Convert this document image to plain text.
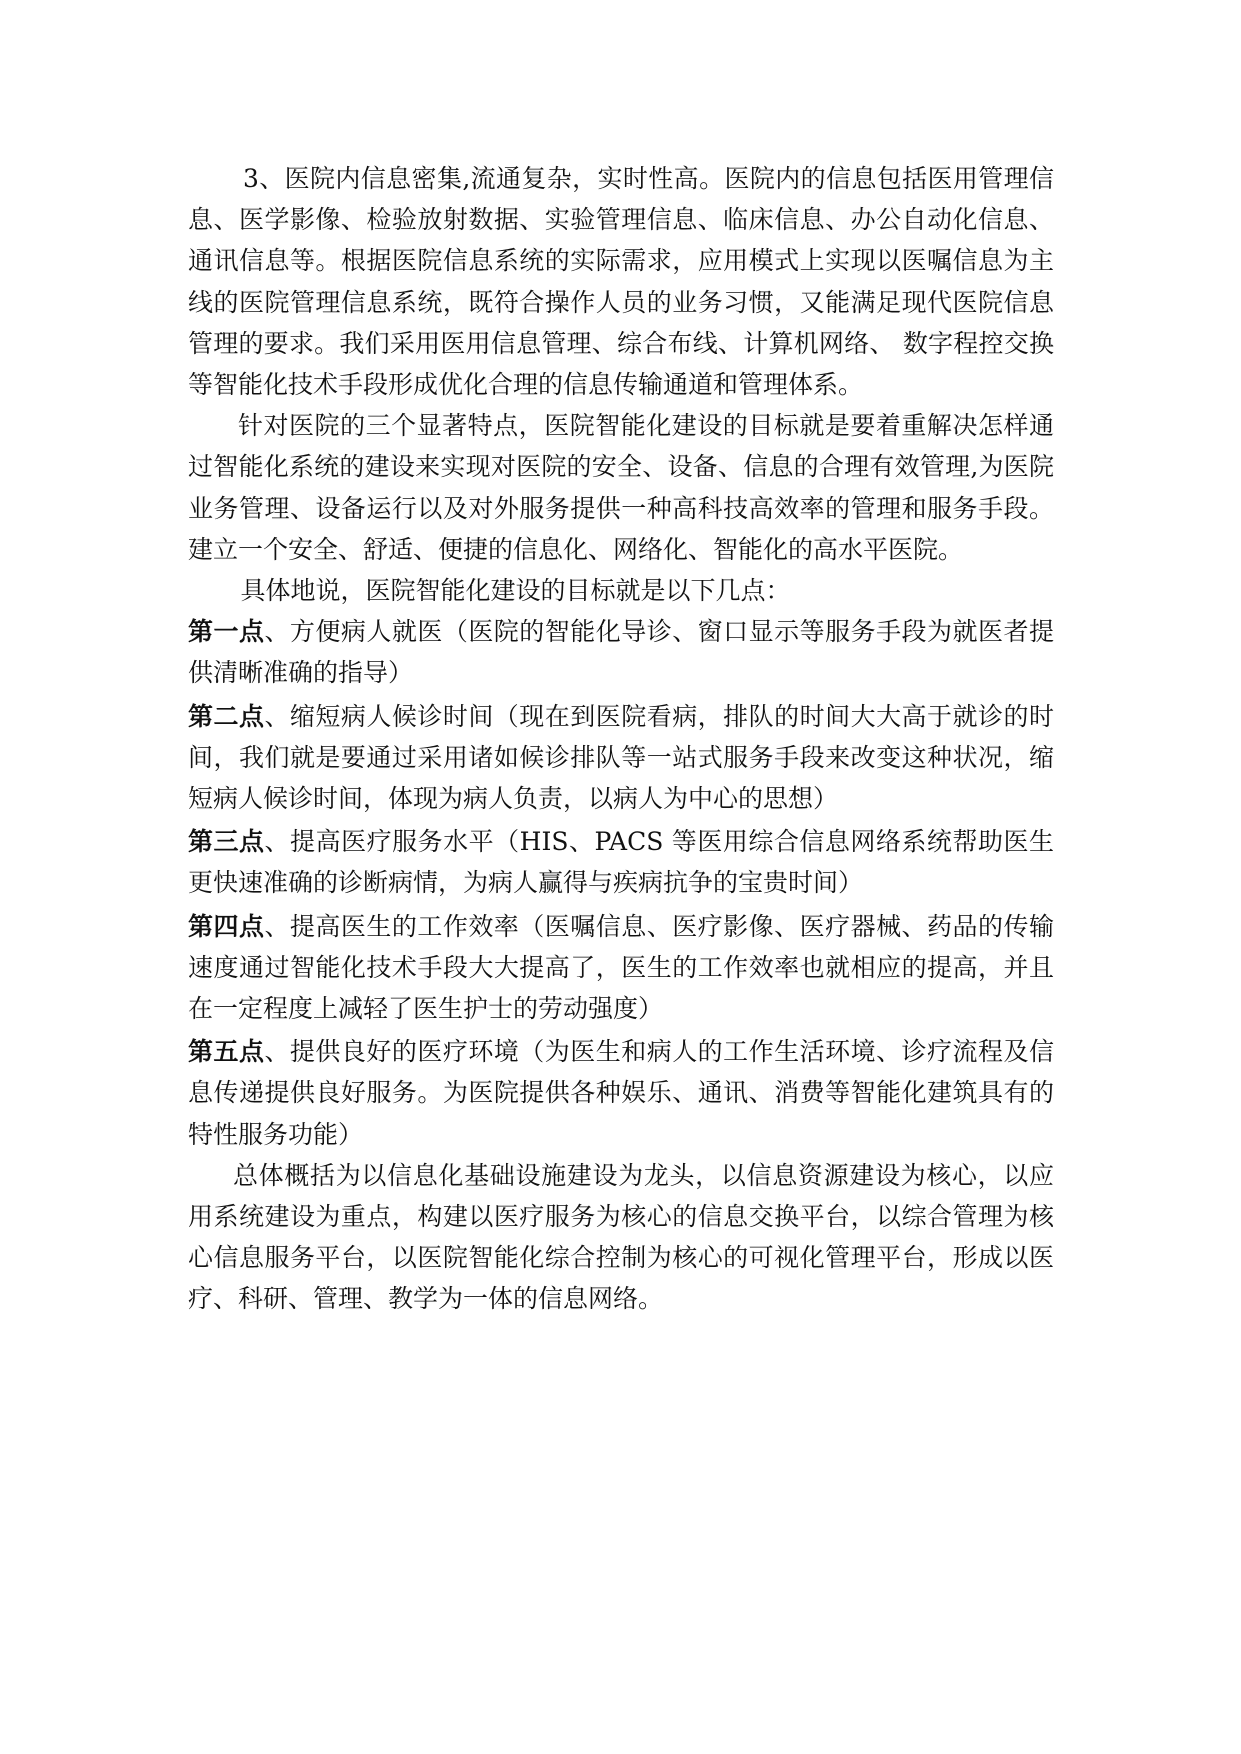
3、医院内信息密集,流通复杂，实时性高。医院内的信息包括医用管理信息、医学影像、检验放射数据、实验管理信息、临床信息、办公自动化信息、通讯信息等。根据医院信息系统的实际需求，应用模式上实现以医嘱信息为主线的医院管理信息系统，既符合操作人员的业务习惯，又能满足现代医院信息管理的要求。我们采用医用信息管理、综合布线、计算机网络、 数字程控交换等智能化技术手段形成优化合理的信息传输通道和管理体系。

针对医院的三个显著特点，医院智能化建设的目标就是要着重解决怎样通过智能化系统的建设来实现对医院的安全、设备、信息的合理有效管理,为医院业务管理、设备运行以及对外服务提供一种高科技高效率的管理和服务手段。建立一个安全、舒适、便捷的信息化、网络化、智能化的高水平医院。

具体地说，医院智能化建设的目标就是以下几点：

第一点、方便病人就医（医院的智能化导诊、窗口显示等服务手段为就医者提供清晰准确的指导）

第二点、缩短病人候诊时间（现在到医院看病，排队的时间大大高于就诊的时间，我们就是要通过采用诸如候诊排队等一站式服务手段来改变这种状况，缩短病人候诊时间，体现为病人负责，以病人为中心的思想）

第三点、提高医疗服务水平（HIS、PACS 等医用综合信息网络系统帮助医生更快速准确的诊断病情，为病人赢得与疾病抗争的宝贵时间）

第四点、提高医生的工作效率（医嘱信息、医疗影像、医疗器械、药品的传输速度通过智能化技术手段大大提高了，医生的工作效率也就相应的提高，并且在一定程度上减轻了医生护士的劳动强度）

第五点、提供良好的医疗环境（为医生和病人的工作生活环境、诊疗流程及信息传递提供良好服务。为医院提供各种娱乐、通讯、消费等智能化建筑具有的特性服务功能）

总体概括为以信息化基础设施建设为龙头，以信息资源建设为核心，以应用系统建设为重点，构建以医疗服务为核心的信息交换平台，以综合管理为核心信息服务平台，以医院智能化综合控制为核心的可视化管理平台，形成以医疗、科研、管理、教学为一体的信息网络。
